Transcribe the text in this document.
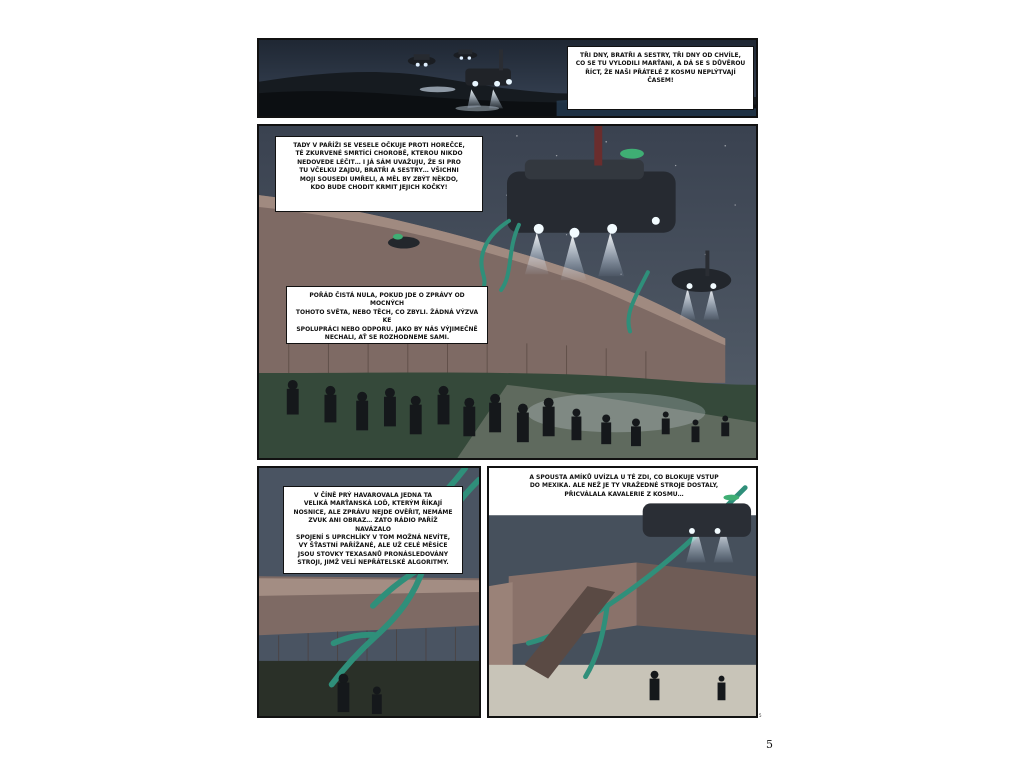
TŘI DNY, BRATŘI A SESTRY, TŘI DNY OD CHVÍLE,
CO SE TU VYLODILI MARŤANI, A DÁ SE S DŮVĚROU
ŘÍCT, ŽE NAŠI PŘÁTELÉ Z KOSMU NEPLÝTVAJÍ
ČASEM!
TADY V PAŘÍŽI SE VESELE OČKUJE PROTI HOREČCE,
TÉ ZKURVENÉ SMRTÍCÍ CHOROBĚ, KTEROU NIKDO
NEDOVEDE LÉČIT… I JÁ SÁM UVAŽUJU, ŽE SI PRO
TU VČELKU ZAJDU, BRATŘI A SESTRY… VŠICHNI
MOJI SOUSEDI UMŘELI, A MĚL BY ZBÝT NĚKDO,
KDO BUDE CHODIT KRMIT JEJICH KOČKY!
POŘÁD ČISTÁ NULA, POKUD JDE O ZPRÁVY OD MOCNÝCH
TOHOTO SVĚTA, NEBO TĚCH, CO ZBYLI. ŽÁDNÁ VÝZVA KE
SPOLUPRÁCI NEBO ODPORU. JAKO BY NÁS VÝJIMEČNĚ
NECHALI, AŤ SE ROZHODNEME SAMI.
V ČÍNĚ PRÝ HAVAROVALA JEDNA TA
VELIKÁ MARŤANSKÁ LOĎ, KTERÝM ŘÍKAJÍ
NOSNICE, ALE ZPRÁVU NEJDE OVĚŘIT, NEMÁME
ZVUK ANI OBRAZ… ZATO RÁDIO PAŘÍŽ NAVÁZALO
SPOJENÍ S UPRCHLÍKY V TOM MOŽNÁ NEVÍTE,
VY ŠŤASTNÍ PAŘÍŽANÉ, ALE UŽ CELÉ MĚSÍCE
JSOU STOVKY TEXASANŮ PRONÁSLEDOVÁNY
STROJI, JIMŽ VELÍ NEPŘÁTELSKÉ ALGORITMY.
A SPOUSTA AMÍKŮ UVÍZLA U TÉ ZDI, CO BLOKUJE VSTUP
DO MEXIKA. ALE NEŽ JE TY VRAŽEDNÉ STROJE DOSTALY,
PŘICVÁLALA KAVALERIE Z KOSMU…
5
5
